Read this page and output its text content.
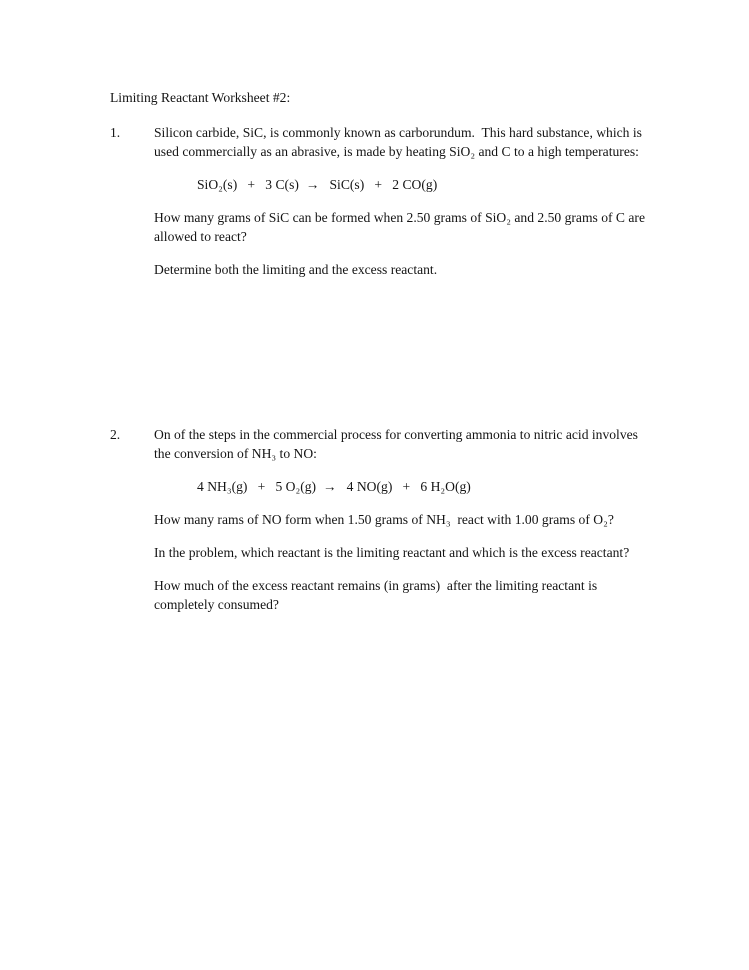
Limiting Reactant Worksheet #2:
1.	Silicon carbide, SiC, is commonly known as carborundum.  This hard substance, which is used commercially as an abrasive, is made by heating SiO₂ and C to a high temperatures:

SiO₂(s)   +   3 C(s)  →   SiC(s)   +   2 CO(g)

How many grams of SiC can be formed when 2.50 grams of SiO₂ and 2.50 grams of C are allowed to react?

Determine both the limiting and the excess reactant.

2.	On of the steps in the commercial process for converting ammonia to nitric acid involves the conversion of NH₃ to NO:

4 NH₃(g)   +   5 O₂(g)  →   4 NO(g)   +   6 H₂O(g)

How many rams of NO form when 1.50 grams of NH₃  react with 1.00 grams of O₂?

In the problem, which reactant is the limiting reactant and which is the excess reactant?

How much of the excess reactant remains (in grams)  after the limiting reactant is completely consumed?
